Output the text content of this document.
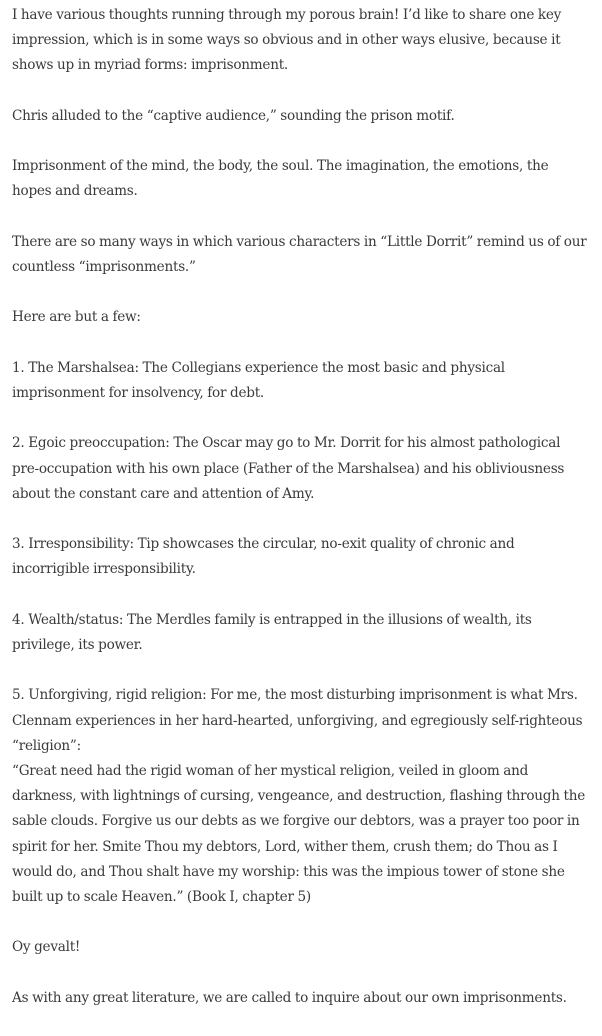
I have various thoughts running through my porous brain! I’d like to share one key impression, which is in some ways so obvious and in other ways elusive, because it shows up in myriad forms: imprisonment.

Chris alluded to the “captive audience,” sounding the prison motif.

Imprisonment of the mind, the body, the soul. The imagination, the emotions, the hopes and dreams.

There are so many ways in which various characters in “Little Dorrit” remind us of our countless “imprisonments.”

Here are but a few:

1. The Marshalsea: The Collegians experience the most basic and physical imprisonment for insolvency, for debt.

2. Egoic preoccupation: The Oscar may go to Mr. Dorrit for his almost pathological pre-occupation with his own place (Father of the Marshalsea) and his obliviousness about the constant care and attention of Amy.

3. Irresponsibility: Tip showcases the circular, no-exit quality of chronic and incorrigible irresponsibility.

4. Wealth/status: The Merdles family is entrapped in the illusions of wealth, its privilege, its power.

5. Unforgiving, rigid religion: For me, the most disturbing imprisonment is what Mrs. Clennam experiences in her hard-hearted, unforgiving, and egregiously self-righteous “religion”:

“Great need had the rigid woman of her mystical religion, veiled in gloom and darkness, with lightnings of cursing, vengeance, and destruction, flashing through the sable clouds. Forgive us our debts as we forgive our debtors, was a prayer too poor in spirit for her. Smite Thou my debtors, Lord, wither them, crush them; do Thou as I would do, and Thou shalt have my worship: this was the impious tower of stone she built up to scale Heaven.” (Book I, chapter 5)

Oy gevalt!

As with any great literature, we are called to inquire about our own imprisonments.
